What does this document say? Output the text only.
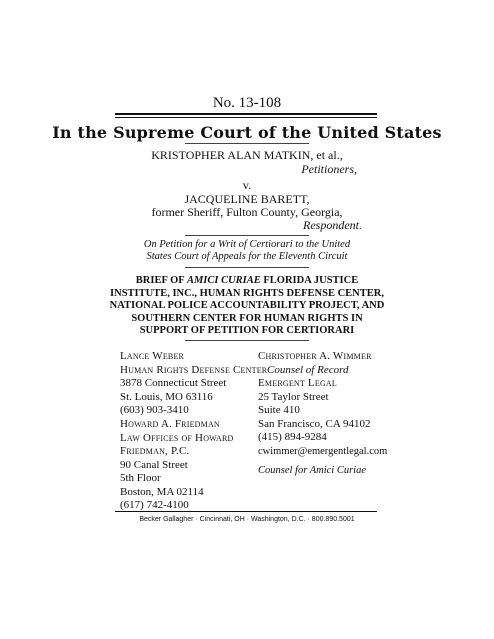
No. 13-108
In the Supreme Court of the United States
KRISTOPHER ALAN MATKIN, et al.,
Petitioners,
v.
JACQUELINE BARETT,
former Sheriff, Fulton County, Georgia,
Respondent.
On Petition for a Writ of Certiorari to the United
States Court of Appeals for the Eleventh Circuit
BRIEF OF AMICI CURIAE FLORIDA JUSTICE
INSTITUTE, INC., HUMAN RIGHTS DEFENSE CENTER,
NATIONAL POLICE ACCOUNTABILITY PROJECT, AND
SOUTHERN CENTER FOR HUMAN RIGHTS IN
SUPPORT OF PETITION FOR CERTIORARI
Lance Weber
Human Rights Defense Center
3878 Connecticut Street
St. Louis, MO 63116
(603) 903-3410
Howard A. Friedman
Law Offices of Howard
Friedman, P.C.
90 Canal Street
5th Floor
Boston, MA 02114
(617) 742-4100
Christopher A. Wimmer
Counsel of Record
Emergent Legal
25 Taylor Street
Suite 410
San Francisco, CA 94102
(415) 894-9284
cwimmer@emergentlegal.com
Counsel for Amici Curiae
Becker Gallagher · Cincinnati, OH · Washington, D.C. · 800.890.5001
